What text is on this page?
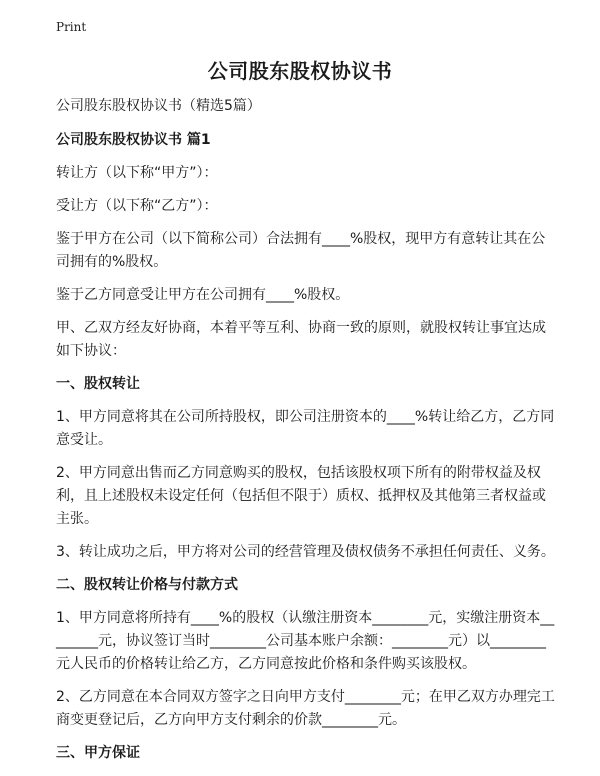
Print
公司股东股权协议书

公司股东股权协议书（精选5篇）

公司股东股权协议书 篇1

转让方（以下称“甲方”）：

受让方（以下称“乙方”）：

鉴于甲方在公司（以下简称公司）合法拥有____%股权，现甲方有意转让其在公司拥有的%股权。

鉴于乙方同意受让甲方在公司拥有____%股权。

甲、乙双方经友好协商，本着平等互利、协商一致的原则，就股权转让事宜达成如下协议：

一、股权转让

1、甲方同意将其在公司所持股权，即公司注册资本的____%转让给乙方，乙方同意受让。

2、甲方同意出售而乙方同意购买的股权，包括该股权项下所有的附带权益及权利，且上述股权未设定任何（包括但不限于）质权、抵押权及其他第三者权益或主张。

3、转让成功之后，甲方将对公司的经营管理及债权债务不承担任何责任、义务。

二、股权转让价格与付款方式

1、甲方同意将所持有____%的股权（认缴注册资本________元，实缴注册资本________元，协议签订当时________公司基本账户余额：________元）以________元人民币的价格转让给乙方，乙方同意按此价格和条件购买该股权。

2、乙方同意在本合同双方签字之日向甲方支付________元；在甲乙双方办理完工商变更登记后，乙方向甲方支付剩余的价款________元。

三、甲方保证
